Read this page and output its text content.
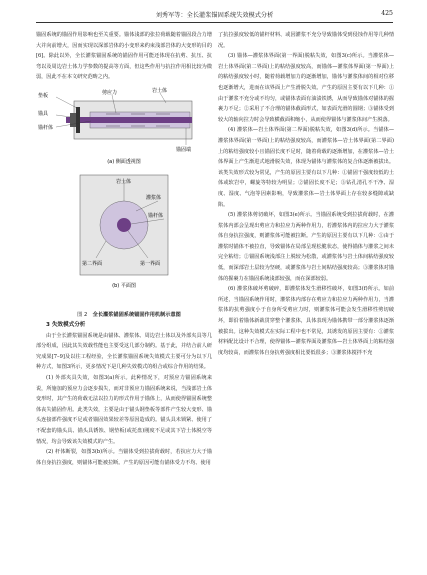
刘秀军等：全长灌浆锚固系统失效模式分析	425

锚固系统的锚固作用影响也至关重要。锚体浅部的张拉荷载随着锚固段合力增大并向前增大，因而实现以深部岩体的小变形来约束浅部岩体的大变形的目的[6]。除此以外，全长灌浆锚固系统的锚固作用可能还体现在抗剪、抗压、抗弯以及周边岩土体力学参数的提高等方面，但这些作用与抗拉作用相比较为微弱，因此不在本文研究范畴之内。

垫板
锚具
锚杆体
剪应力	岩土体
锚固端
(a) 侧面透视图
岩土体
灌浆体
锚杆体
第二界面	第一界面
(b) 平面图

图 2 全长灌浆锚固系统锚固作用机制示意图

3 失效模式分析

由于全长灌浆锚固系统是由锚体、灌浆体、周边岩土体以及外部夹具等几部分组成，因此其失效载性能也主要受这几部分制约。基于此，并结合前人研究成果[7–9]及以往工程经验，全长灌浆锚固系统失效模式主要可分为以下几种方式，如图3所示，更多情况下是几种失效模式的组合或综合作用的结果。

(1) 外部夹具失效，如图3(a)所示。此种情况下，对预应力锚固系统来说，所施加的预应力会逐步损失，而对非预应力锚固系统来说，当浅部岩土体变形时，其产生的荷载无法以拉力的形式作用于锚体上，从而使得锚固系统整体丧失锚固作用。此类失效，主要是由于锚头钢垫板等部件产生较大变形、锚头连接部件强度不足或者锚固效果较差等原因造成的。锚头具未锁紧、使用了不配套的锚头具、锚头具锈蚀、钢垫板(或托盘)刚度不足或其下岩土体脱空等情况，均会导致该失效模式的产生。

(2) 杆体断裂，如图3(b)所示。当锚体受到拉拔荷载时，若抗应力大于锚体自身抗拉强度，则锚体可能被拉断。产生的原因可能有锚体受力不均、使用

了抗拉强度较低的锚杆材料、或因灌浆不充分导致锚体受到侵蚀作用等几种情况。

(3) 锚体—灌浆体界面(第一界面)脱粘失效，如图3(c)所示。当灌浆体—岩土体界面(第二界面)上的粘结强度较高，而锚体—灌浆体界面(第一界面)上的粘结强度较小时，随着荷载增加力的逐渐增加，锚体与灌浆体间的相对位移也逐渐增大，进而在该界面上产生滑脱失效。产生的原因主要有以下几种：①由于灌浆不充分或不均匀，或锚体表面有油渍铁锈，从而导致锚体对锚体的握裹力不足；②采用了不合理的锚体截面形式，如表面光滑的圆钢；③锚体受到较大的轴向拉力时会导致横截面积缩小，从而使得锚体与灌浆体间产生脱落。

(4) 灌浆体—岩土体界面(第二界面)脱粘失效，如图3(d)所示。当锚体—灌浆体界面(第一界面)上的粘结强度较高，而灌浆体—岩土体界面(第二界面)上的粘结强度较小且锚固长度不足时，随着荷载的逐渐增加，在灌浆体—岩土体界面上产生渐进式地滑脱失效，体现为锚体与灌浆体的复合体逐渐被拔出。该类失效形式较为常见，产生的原因主要有以下几种：①锚固干强度较低的土体或软岩中，螺旋等特较为明显；②锚固长度不足；③钻孔清孔不干净、湿度、湿度、气泡等因素影响，导致灌浆体—岩土体界面上存在较多缝隙或缺陷。

(5) 灌浆体剪切破坏，如图3(e)所示。当锚固系统受到拉拔荷载时，在灌浆体内部会呈现出剪应力和拉应力两种作用力，若灌浆体内的拉应力大于灌浆体自身抗拉强度，则灌浆体可能被拉断。产生的原因主要有以下几种：①由于灌浆时锚体不被拉直，导致锚体在局部呈现松脆状态，使得锚体与灌浆之间未完全粘结；②锚固系统浅部注上脱较为松散，或灌浆体与岩土体间粘结强度较低，而深部岩土层较为坚硬，或灌浆体与岩土间粘结强度较高；③灌浆体对锚体的握裹力在锚固系统浅部较强，而在深部较弱。

(6) 灌浆体破坏剪破碎，即灌浆体发生滑移性破坏，如图3(f)所示。如前所述，当锚固系统作用时，灌浆体内部存在剪应力和拉应力两种作用力，当灌浆体的抗剪强度小于自身所受剪应力时，则灌浆体可能会发生滑移性剪切破坏，即沿着锚体新裁贯穿整个灌浆体，具体表现为锚体携带一部分灌浆体逐渐被拔出。这种失效模式在实际工程中也不常见，其诱发的原因主要有：①灌浆材料配比设计不合理，使得锚体—灌浆界面及灌浆体—岩土体界面上的粘结强度均较高，而灌浆体自身抗剪强度相比要低很多；③灌浆体搅拌不充
